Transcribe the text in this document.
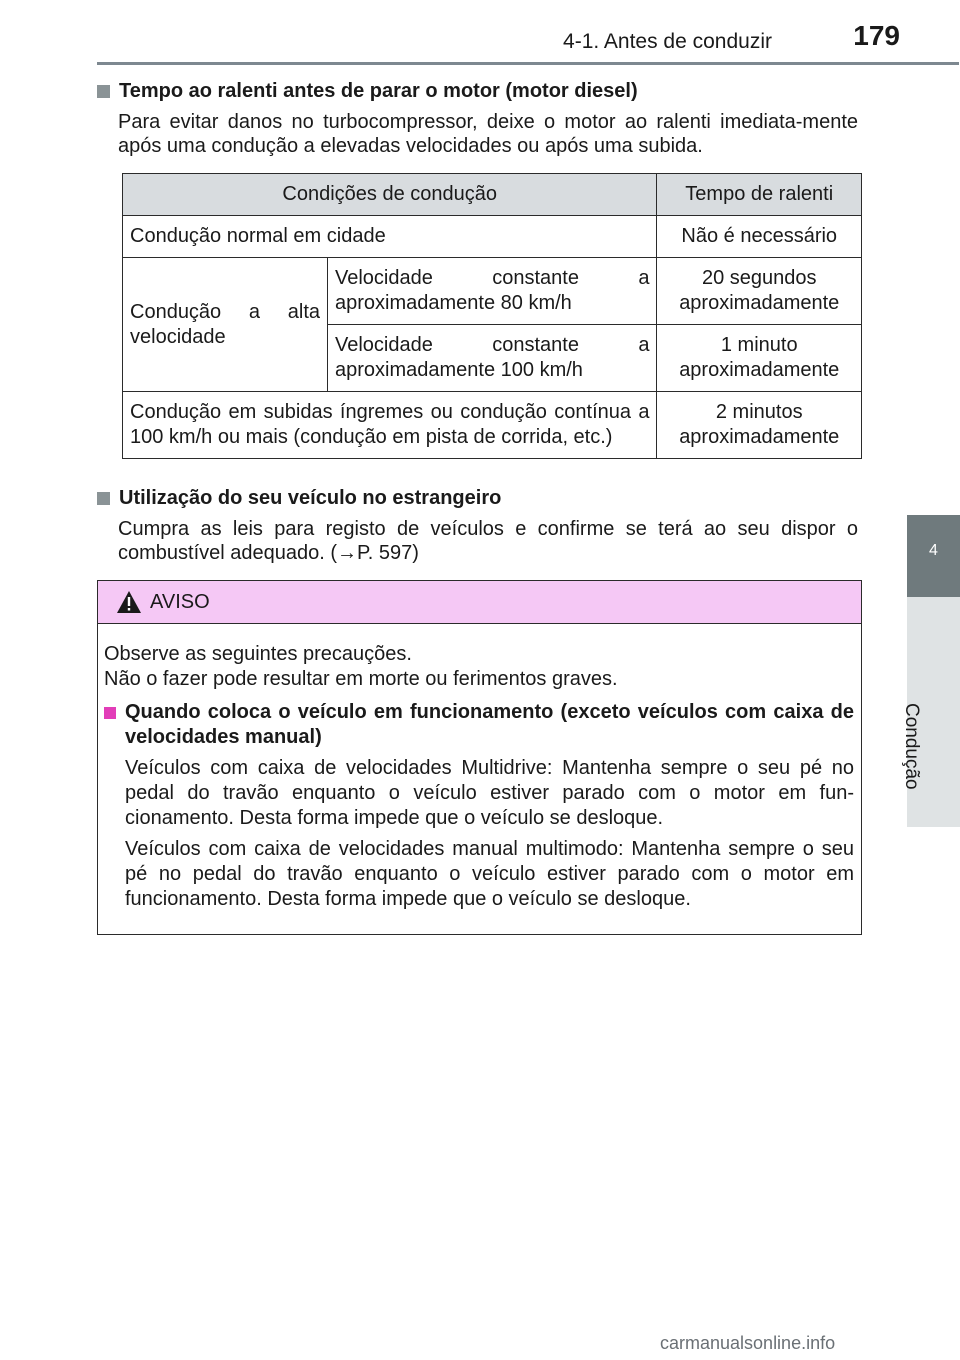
4-1. Antes de conduzir	179
4
Condução
Tempo ao ralenti antes de parar o motor (motor diesel)
Para evitar danos no turbocompressor, deixe o motor ao ralenti imediata-mente após uma condução a elevadas velocidades ou após uma subida.
Condições de condução		Tempo de ralenti
Condução normal em cidade		Não é necessário
Condução a alta velocidade	Velocidade constante a aproximadamente 80 km/h	20 segundos aproximadamente
	Velocidade constante a aproximadamente 100 km/h	1 minuto aproximadamente
Condução em subidas íngremes ou condução contínua a 100 km/h ou mais (condução em pista de corrida, etc.)		2 minutos aproximadamente
Utilização do seu veículo no estrangeiro
Cumpra as leis para registo de veículos e confirme se terá ao seu dispor o combustível adequado. (→P. 597)
AVISO

Observe as seguintes precauções.

Não o fazer pode resultar em morte ou ferimentos graves.

Quando coloca o veículo em funcionamento (exceto veículos com caixa de velocidades manual)

Veículos com caixa de velocidades Multidrive: Mantenha sempre o seu pé no pedal do travão enquanto o veículo estiver parado com o motor em fun-cionamento. Desta forma impede que o veículo se desloque.

Veículos com caixa de velocidades manual multimodo: Mantenha sempre o seu pé no pedal do travão enquanto o veículo estiver parado com o motor em funcionamento. Desta forma impede que o veículo se desloque.

carmanualsonline.info
